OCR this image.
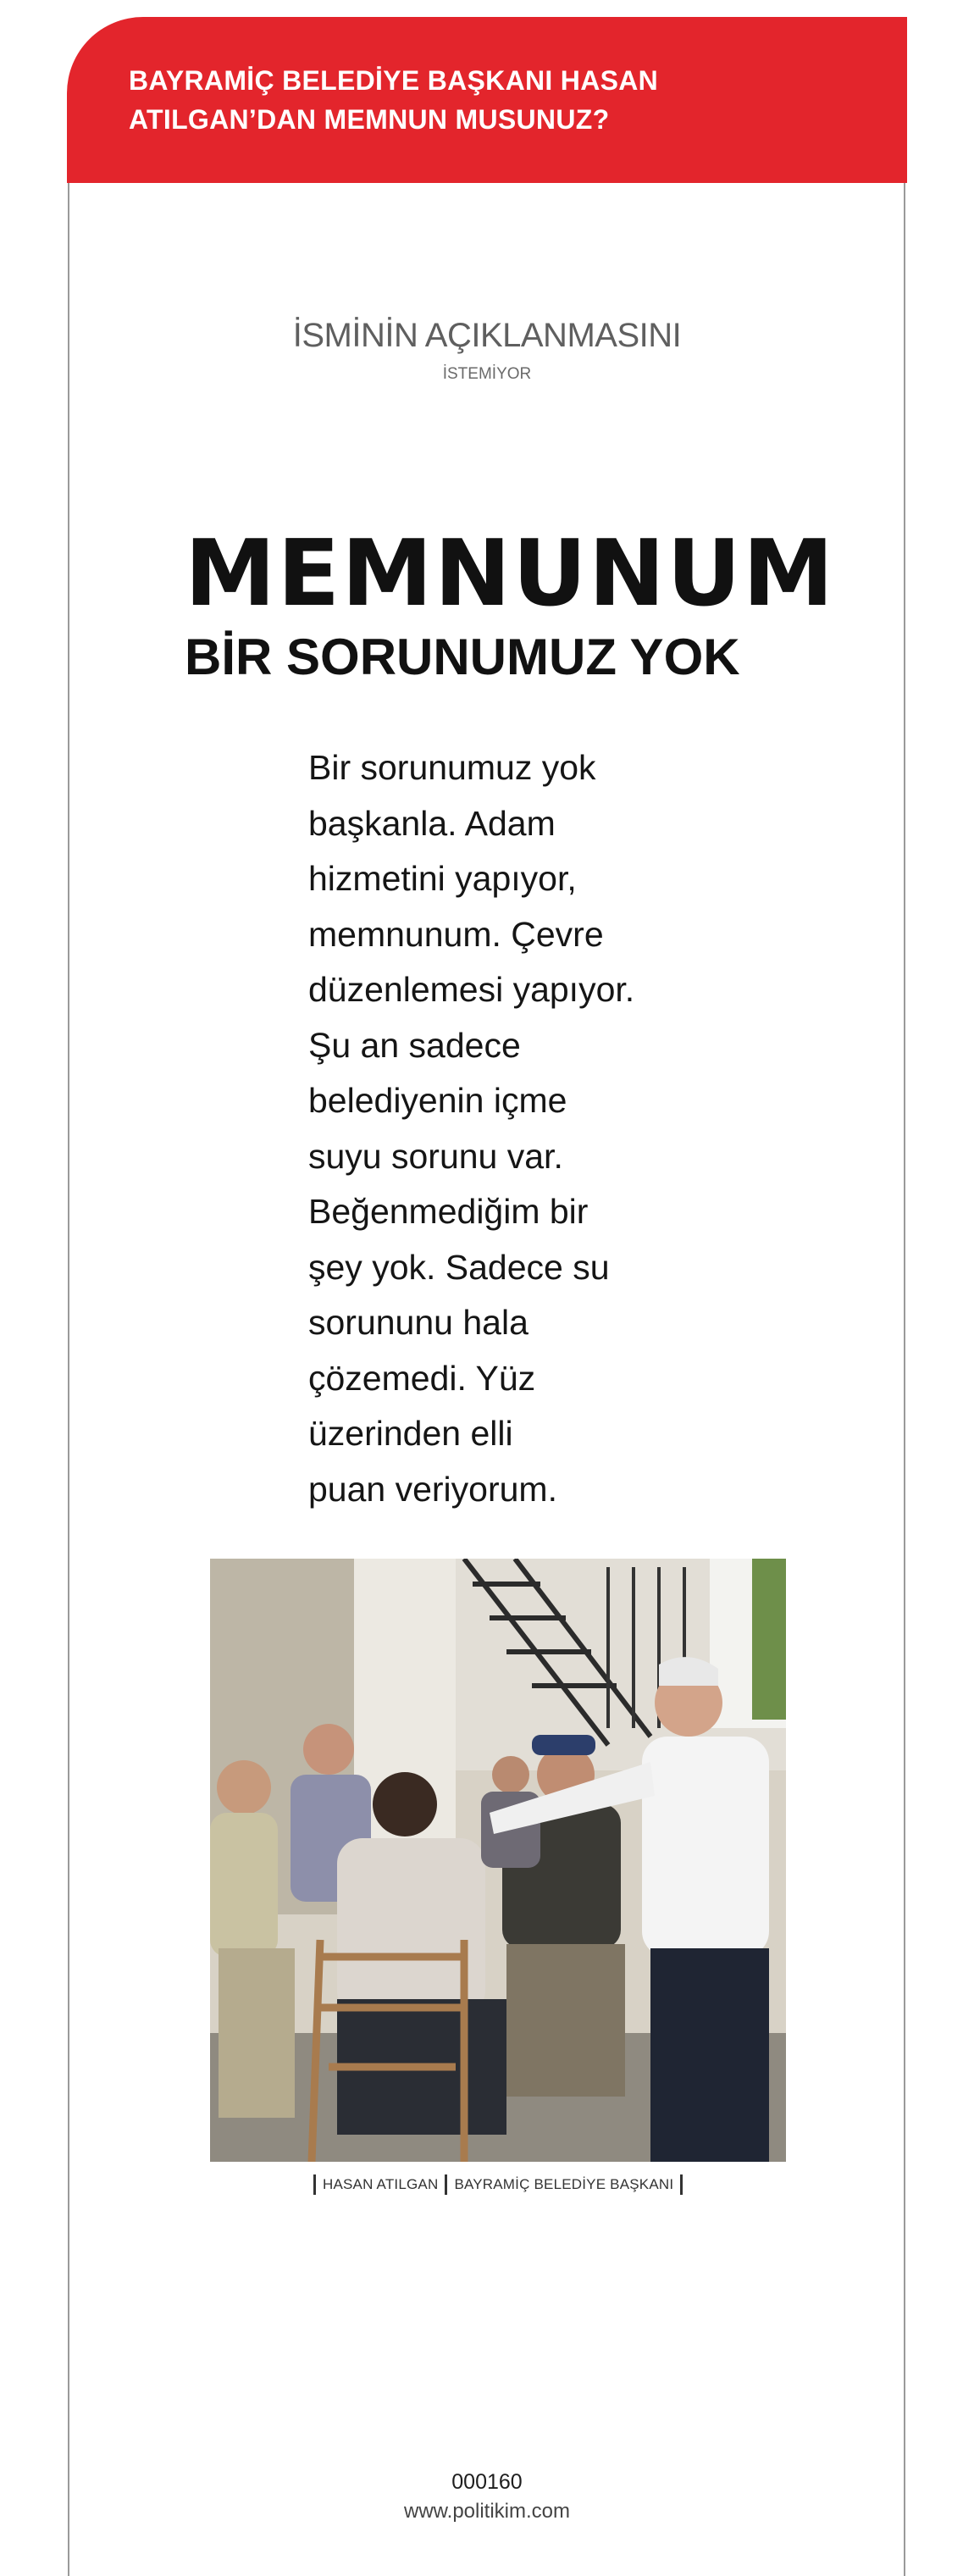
BAYRAMİÇ BELEDİYE BAŞKANI HASAN
ATILGAN’DAN MEMNUN MUSUNUZ?
İSMİNİN AÇIKLANMASINI
İSTEMİYOR
MEMNUNUM
BİR SORUNUMUZ YOK
Bir sorunumuz yok
başkanla. Adam
hizmetini yapıyor,
memnunum. Çevre
düzenlemesi yapıyor.
Şu an sadece
belediyenin içme
suyu sorunu var.
Beğenmediğim bir
şey yok. Sadece su
sorununu hala
çözemedi. Yüz
üzerinden elli
puan veriyorum.
HASAN ATILGAN BAYRAMİÇ BELEDİYE BAŞKANI
000160
www.politikim.com
